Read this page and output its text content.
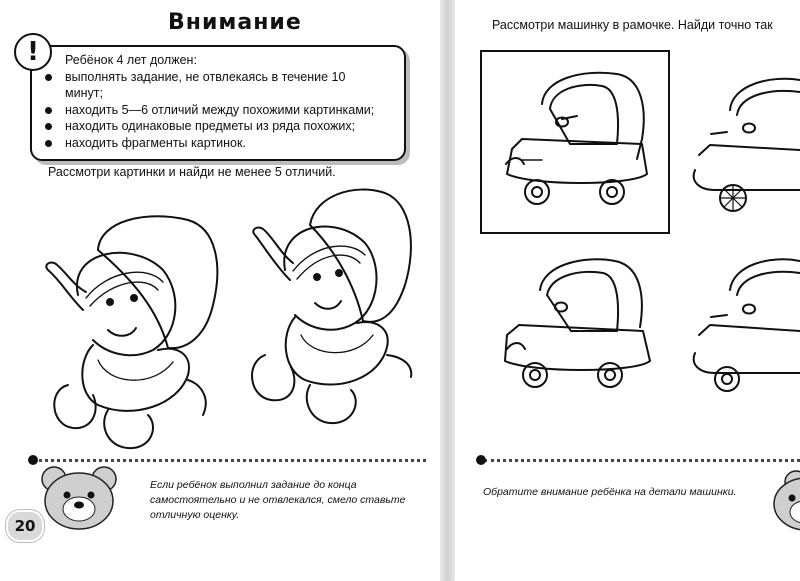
Внимание
!	Ребёнок 4 лет должен:
выполнять задание, не отвлекаясь в течение 10 минут;
находить 5—6 отличий между похожими картинками;
находить одинаковые предметы из ряда похожих;
находить фрагменты картинок.
Рассмотри картинки и найди не менее 5 отличий.
Если ребёнок выполнил задание до конца самостоятельно и не отвлекался, смело ставьте отличную оценку.
20
Рассмотри машинку в рамочке. Найди точно так
Обратите внимание ребёнка на детали машинки.
